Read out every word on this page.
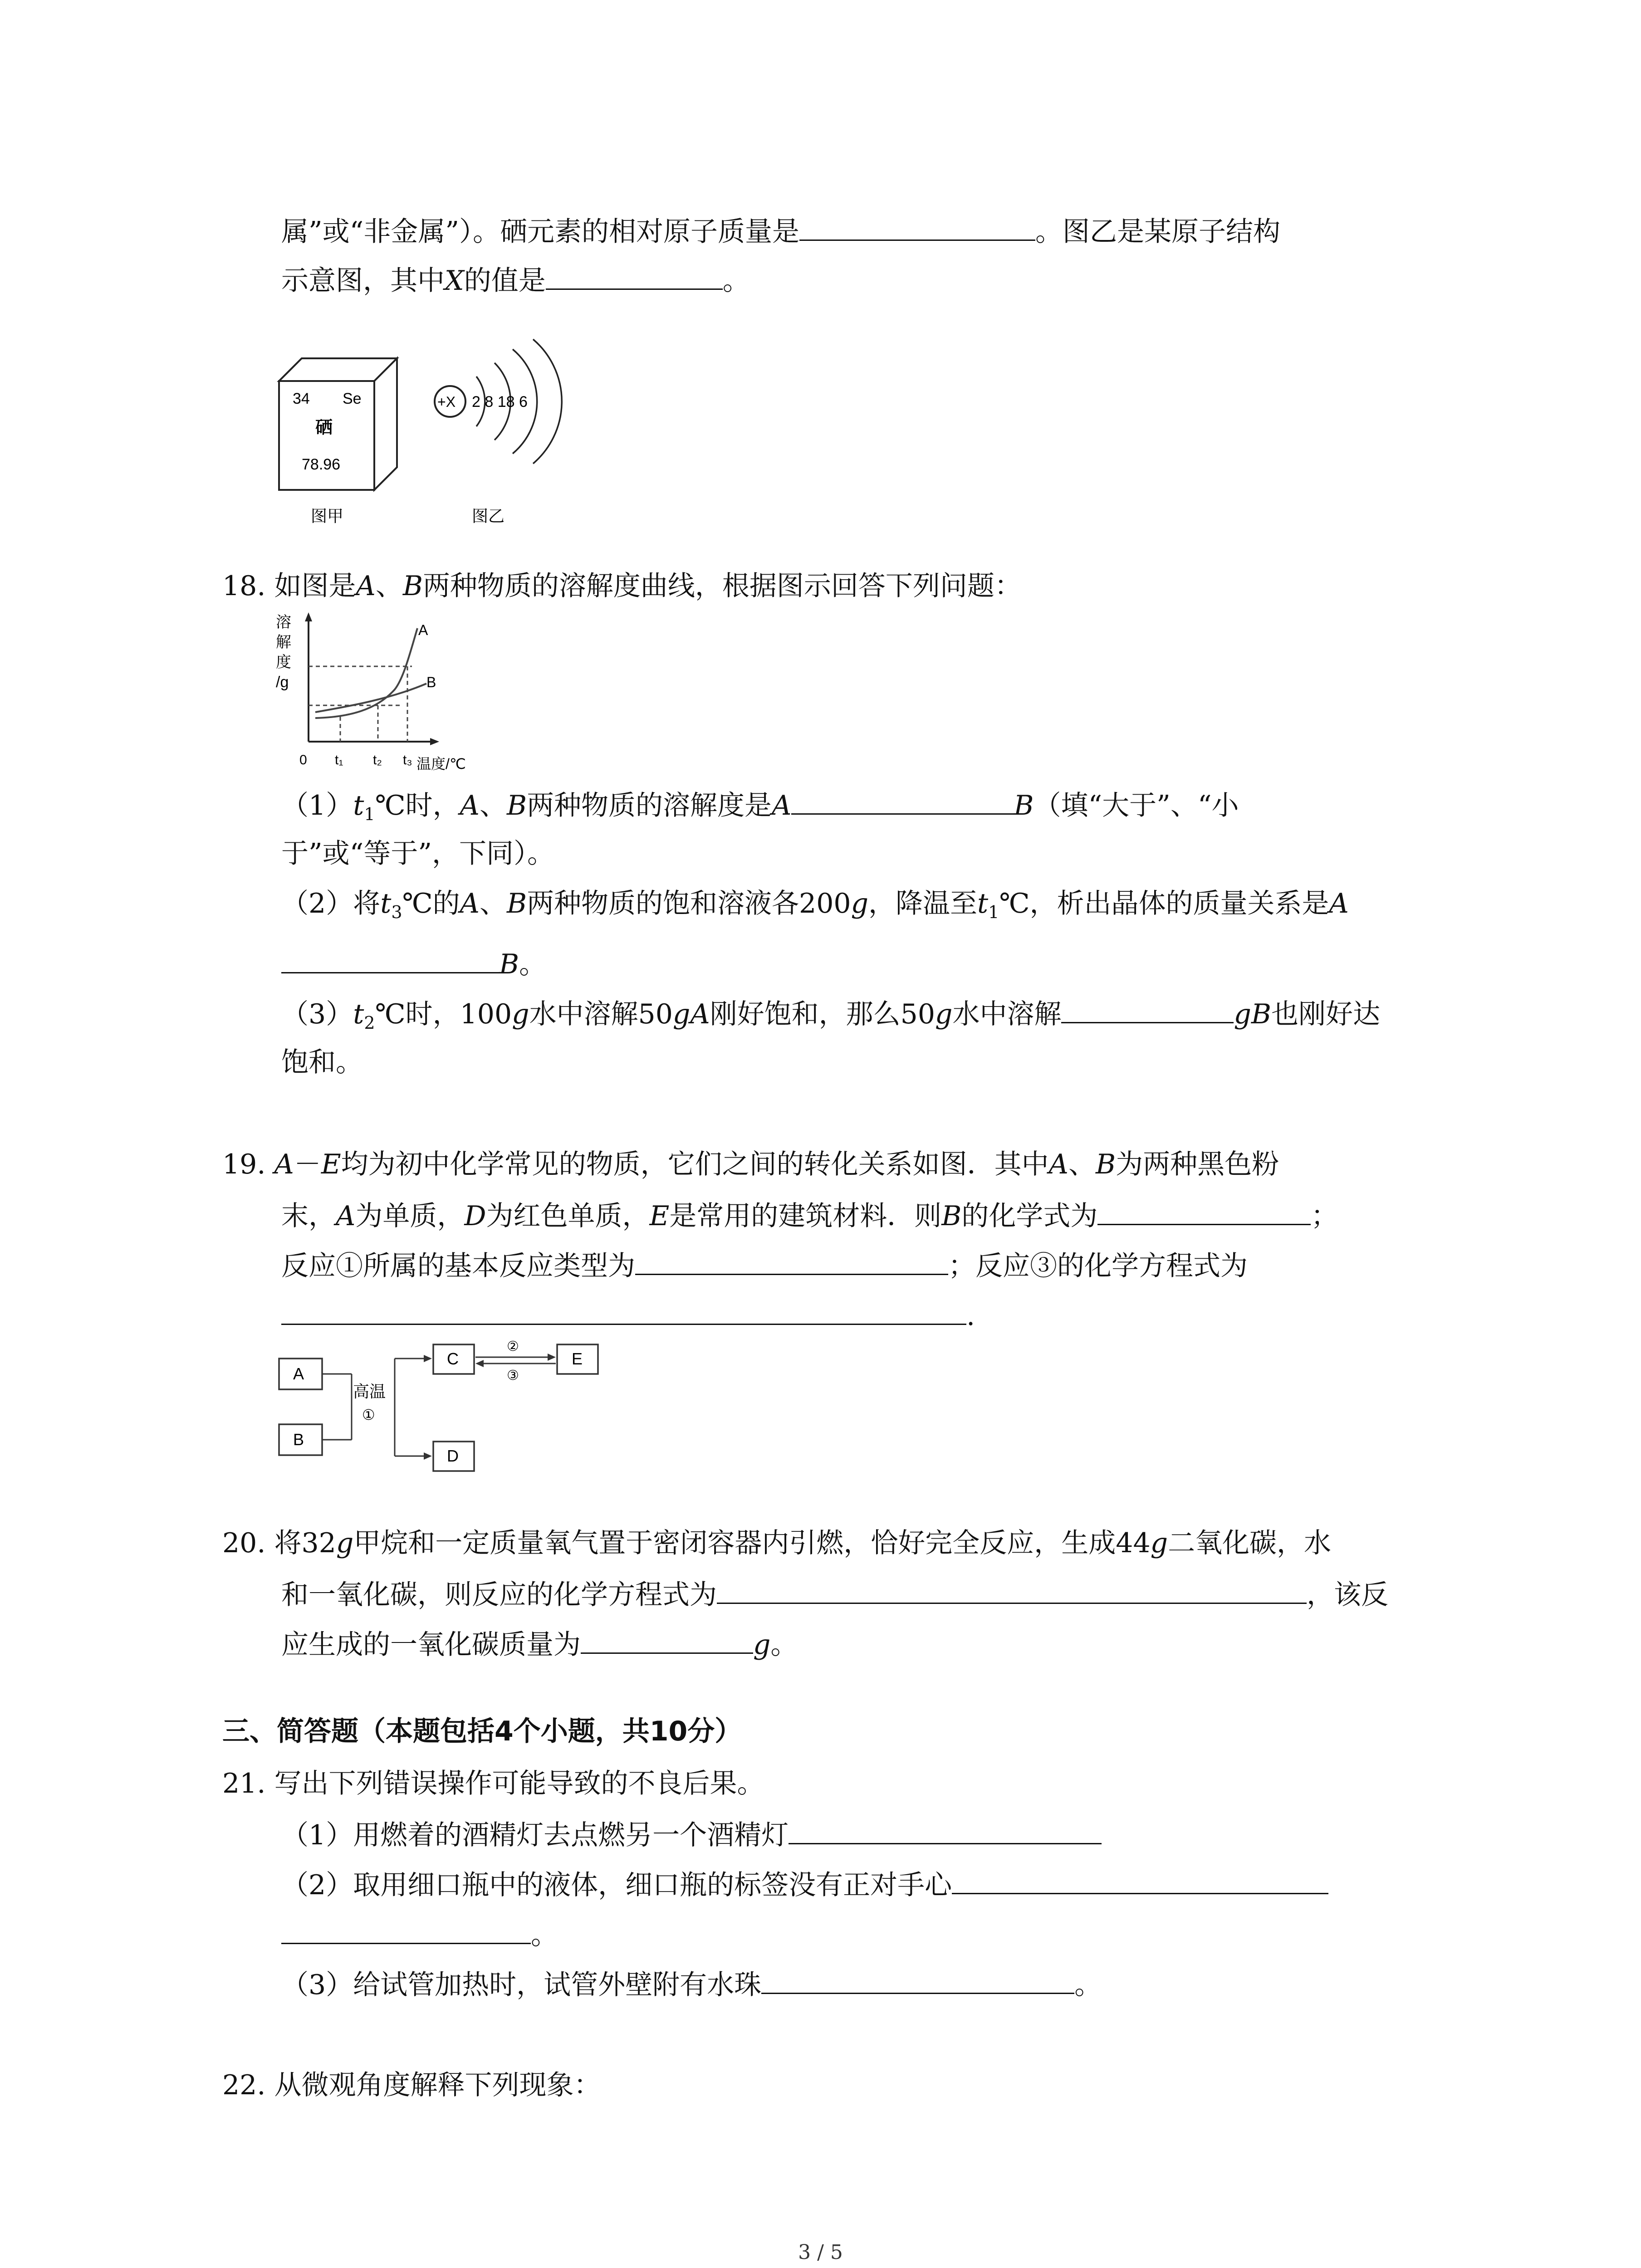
属”或“非金属”）。硒元素的相对原子质量是	。图乙是某原子结构
示意图，其中X的值是	。
34 Se
硒
78.96
图甲
+X 2 8 18 6
图乙
18. 如图是A、B两种物质的溶解度曲线，根据图示回答下列问题：
溶
解
度
/g
A
B
0 t₁ t₂ t₃ 温度/℃
$(1)t_1℃$时，A、B两种物质的溶解度是A	B（填“大于”、“小
于”或“等于”，下同）。
（2）将$t_3℃$的A、B两种物质的饱和溶液各200g，降温至$t_1℃$，析出晶体的质量关系是A
B。
$(3)t_2℃$时，100g水中溶解50gA刚好饱和，那么50g水中溶解	gB也刚好达
饱和。
19. A－E均为初中化学常见的物质，它们之间的转化关系如图．其中A、B为两种黑色粉
末，A为单质，D为红色单质，E是常用的建筑材料．则B的化学式为	；
反应①所属的基本反应类型为	；反应③的化学方程式为
.
A
B
高温
①
C
D
②
③
E
20. 将32g甲烷和一定质量氧气置于密闭容器内引燃，恰好完全反应，生成44g二氧化碳，水
和一氧化碳，则反应的化学方程式为	，该反
应生成的一氧化碳质量为	g。
三、简答题（本题包括4个小题，共10分）
21. 写出下列错误操作可能导致的不良后果。
（1）用燃着的酒精灯去点燃另一个酒精灯
（2）取用细口瓶中的液体，细口瓶的标签没有正对手心
。
（3）给试管加热时，试管外壁附有水珠	。
22. 从微观角度解释下列现象：
3 / 5
